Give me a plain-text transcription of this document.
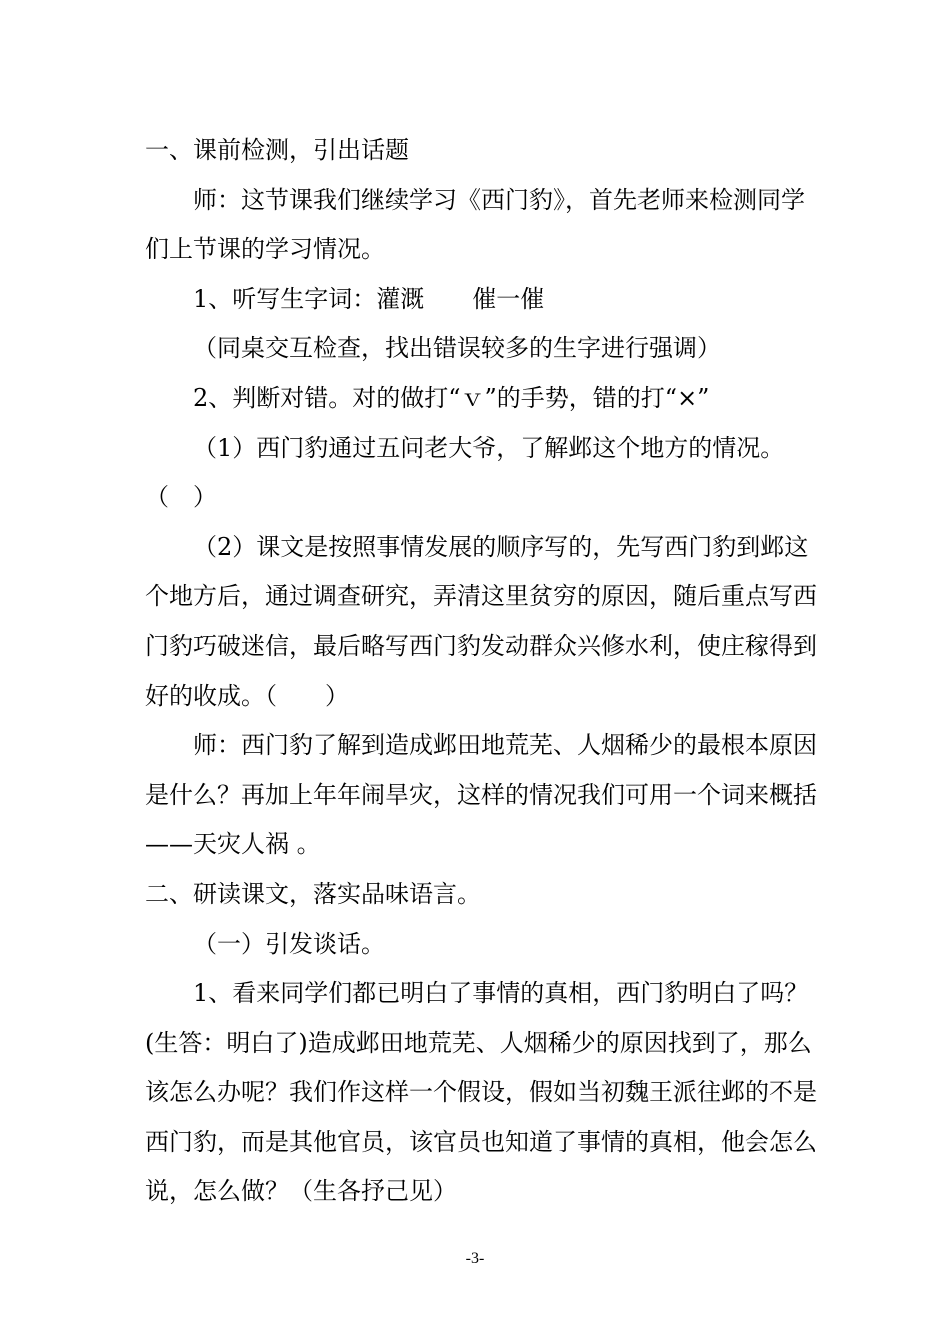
一、课前检测，引出话题

师：这节课我们继续学习《西门豹》，首先老师来检测同学们上节课的学习情况。

1、听写生字词：灌溉　　催一催

（同桌交互检查，找出错误较多的生字进行强调）

2、判断对错。对的做打“ｖ”的手势，错的打“×”

（1）西门豹通过五问老大爷，了解邺这个地方的情况。（　）

（2）课文是按照事情发展的顺序写的，先写西门豹到邺这个地方后，通过调查研究，弄清这里贫穷的原因，随后重点写西门豹巧破迷信，最后略写西门豹发动群众兴修水利，使庄稼得到好的收成。（　　）

师：西门豹了解到造成邺田地荒芜、人烟稀少的最根本原因是什么？再加上年年闹旱灾，这样的情况我们可用一个词来概括——天灾人祸 。

二、研读课文，落实品味语言。

（一）引发谈话。

1、看来同学们都已明白了事情的真相，西门豹明白了吗？(生答：明白了)造成邺田地荒芜、人烟稀少的原因找到了，那么该怎么办呢？我们作这样一个假设，假如当初魏王派往邺的不是西门豹，而是其他官员，该官员也知道了事情的真相，他会怎么说，怎么做？（生各抒己见）

-3-
